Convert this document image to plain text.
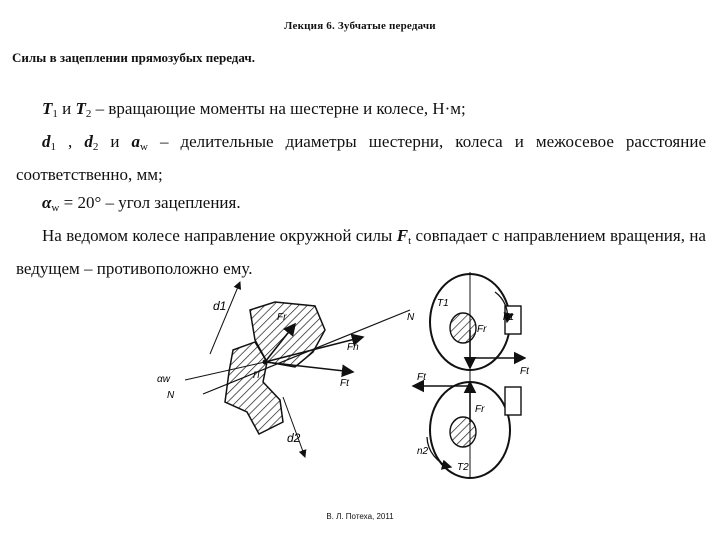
Лекция 6. Зубчатые передачи
Силы в зацеплении прямозубых передач.

$T_1$ и $T_2$ – вращающие моменты на шестерне и колесе, Н·м;

$d_1$ , $d_2$ и $a_w$ – делительные диаметры шестерни, колеса и межосевое расстояние соответственно, мм;

$\alpha_w = 20^\circ$ – угол зацепления.

На ведомом колесе направление окружной силы $F_t$ совпадает с направлением вращения, на ведущем – противоположно ему.

d1
d2
Fr
Fn
Ft
N
N
αw	П
T1
n1
Fr
Ft
Ft
Fr
n2
T2
В. Л. Потеха, 2011
